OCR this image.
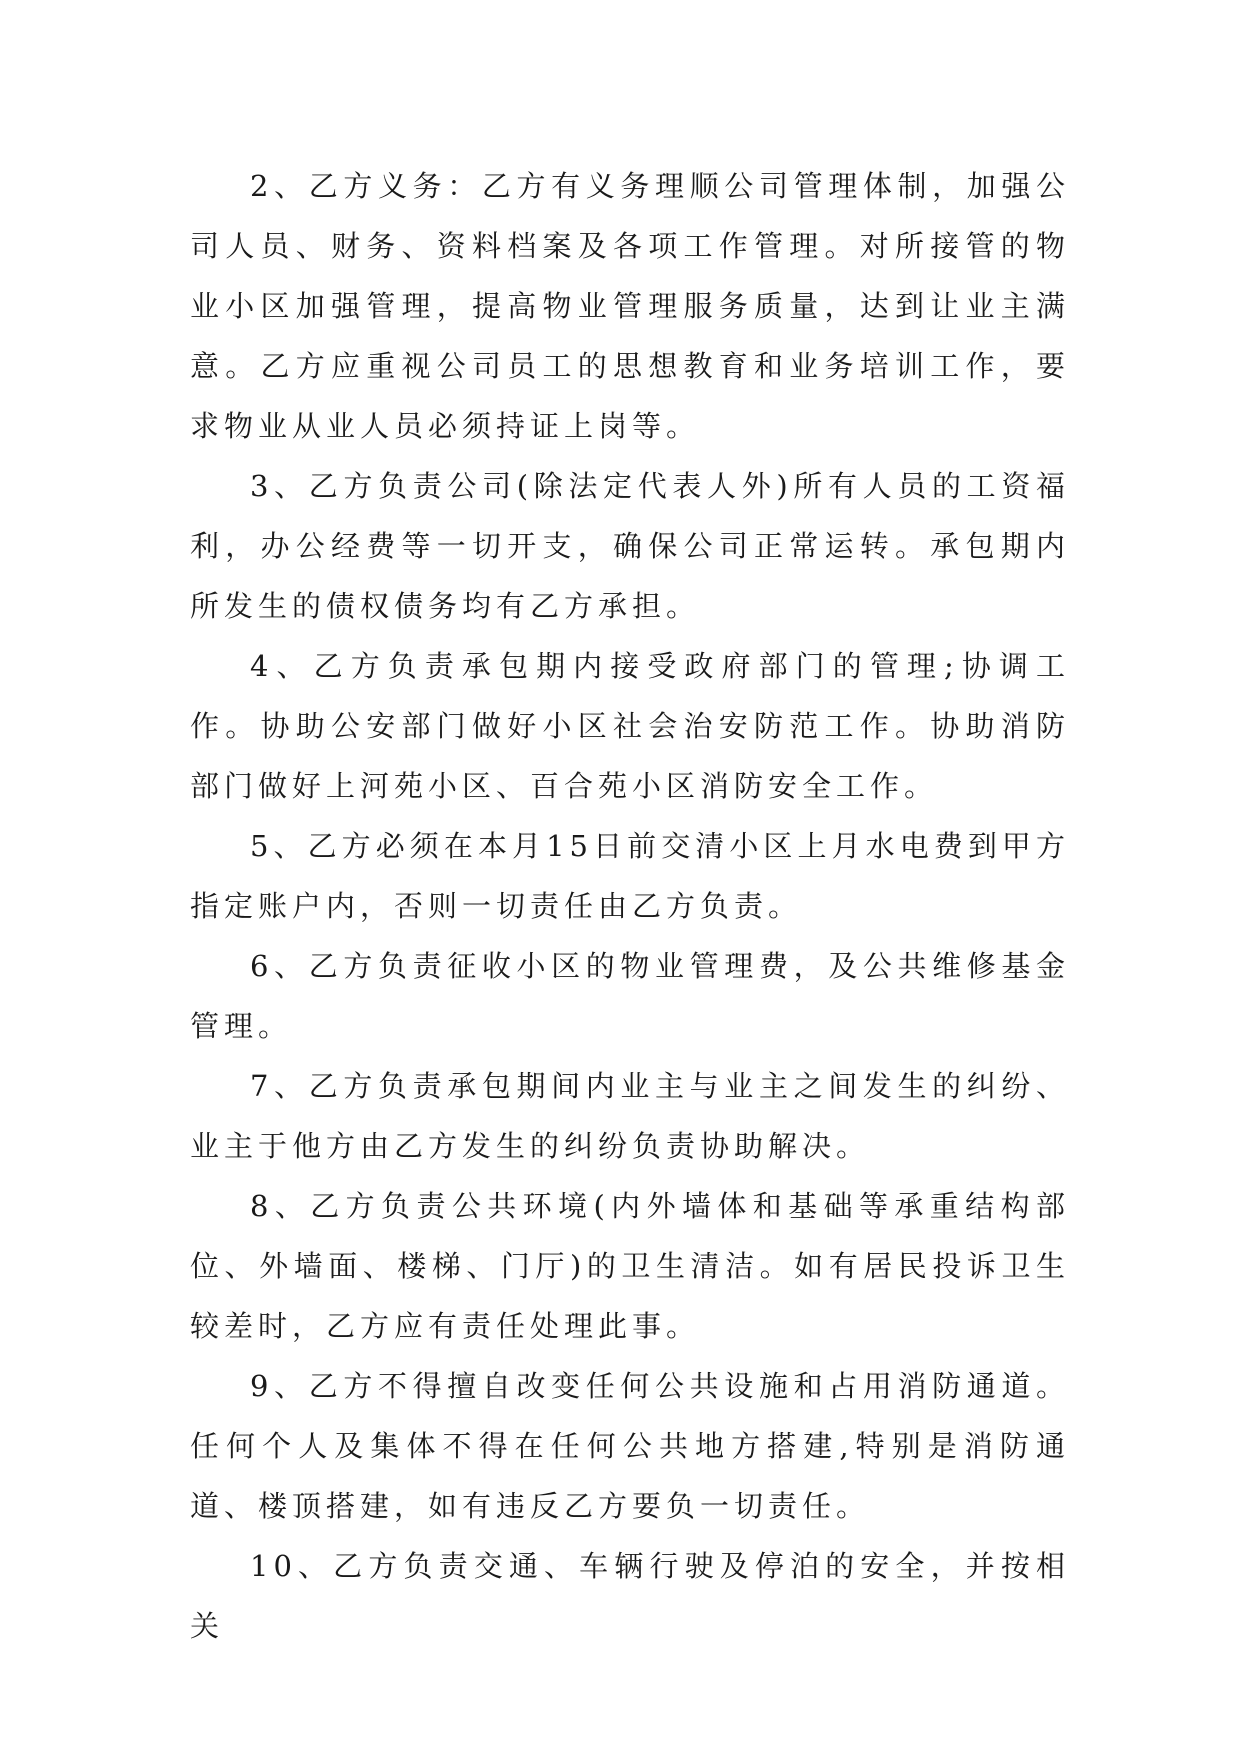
2、乙方义务：乙方有义务理顺公司管理体制，加强公司人员、财务、资料档案及各项工作管理。对所接管的物业小区加强管理，提高物业管理服务质量，达到让业主满意。乙方应重视公司员工的思想教育和业务培训工作，要求物业从业人员必须持证上岗等。

3、乙方负责公司(除法定代表人外)所有人员的工资福利，办公经费等一切开支，确保公司正常运转。承包期内所发生的债权债务均有乙方承担。

4、乙方负责承包期内接受政府部门的管理;协调工作。协助公安部门做好小区社会治安防范工作。协助消防部门做好上河苑小区、百合苑小区消防安全工作。

5、乙方必须在本月15日前交清小区上月水电费到甲方指定账户内，否则一切责任由乙方负责。

6、乙方负责征收小区的物业管理费，及公共维修基金管理。

7、乙方负责承包期间内业主与业主之间发生的纠纷、业主于他方由乙方发生的纠纷负责协助解决。

8、乙方负责公共环境(内外墙体和基础等承重结构部位、外墙面、楼梯、门厅)的卫生清洁。如有居民投诉卫生较差时，乙方应有责任处理此事。

9、乙方不得擅自改变任何公共设施和占用消防通道。任何个人及集体不得在任何公共地方搭建,特别是消防通道、楼顶搭建，如有违反乙方要负一切责任。

10、乙方负责交通、车辆行驶及停泊的安全，并按相关
